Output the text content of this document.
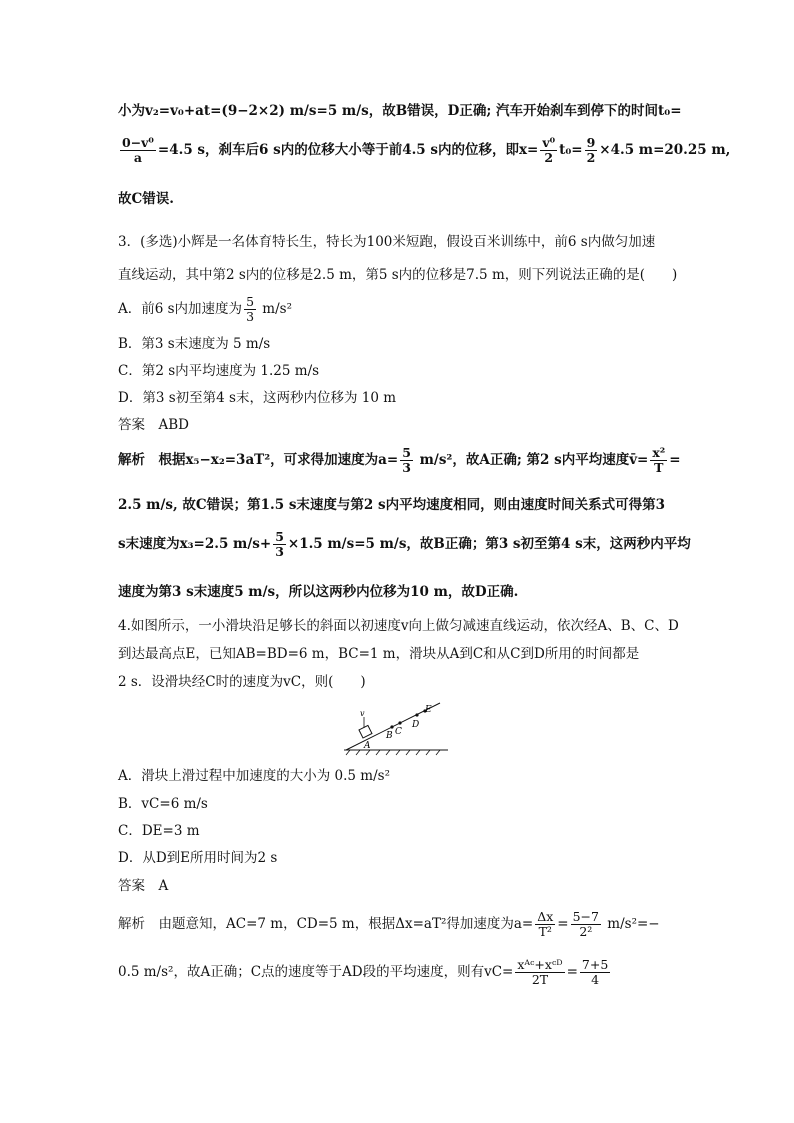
小为v₂=v₀+at=(9−2×2) m/s=5 m/s，故B错误，D正确; 汽车开始刹车到停下的时间t₀=
$\frac{\text{0−v⁰}}{a} =4.5$ s，刹车后6 s内的位移大小等于前4.5 s内的位移，即$x= \frac{\text{v⁰}}{2} t_0= \frac{9}{2} \times 4.5$ m=20.25 m,
故C错误.
3．(多选)小辉是一名体育特长生，特长为100米短跑，假设百米训练中，前6 s内做匀加速
直线运动，其中第2 s内的位移是2.5 m，第5 s内的位移是7.5 m，则下列说法正确的是(　　)
A．前6 s内加速度为 $\frac{5}{3} m/s^2$
B．第3 s末速度为 5 m/s
C．第2 s内平均速度为 1.25 m/s
D．第3 s初至第4 s末，这两秒内位移为 10 m
答案　ABD
解析　根据x₅−x₂=3aT²，可求得加速度为$a= \frac{5}{3} m/s^2$，故A正确; 第2 s内平均速度v̄= $\frac{\text{x²}}{T}$ =
2.5 m/s, 故C错误；第1.5 s末速度与第2 s内平均速度相同，则由速度时间关系式可得第3
s末速度为x₃=2.5 $m/s+ \frac{5}{3} \times 1.5$ m/s=5 m/s，故B正确；第3 s初至第4 s末，这两秒内平均
速度为第3 s末速度5 m/s，所以这两秒内位移为10 m，故D正确.
4.如图所示，一小滑块沿足够长的斜面以初速度v向上做匀减速直线运动，依次经A、B、C、D
到达最高点E，已知AB=BD=6 m，BC=1 m，滑块从A到C和从C到D所用的时间都是
2 s．设滑块经C时的速度为vC，则(　　)
v
A
B C
D
E
A．滑块上滑过程中加速度的大小为 0.5 m/s²
B．vC=6 m/s
C．DE=3 m
D．从D到E所用时间为2 s
答案　A
解析　由题意知，AC=7 m，CD=5 m，根据Δx=aT²得加速度为$a= \frac{\Delta x}{\text{T²}} = \frac{5-7}{\text{2²}} m/s^2=-$
0.5 m/s²，故A正确；C点的速度等于AD段的平均速度，则有$vC= \frac{\text{xᴬᶜ+xᶜᴰ}}{2T} = \frac{7+5}{4}$
